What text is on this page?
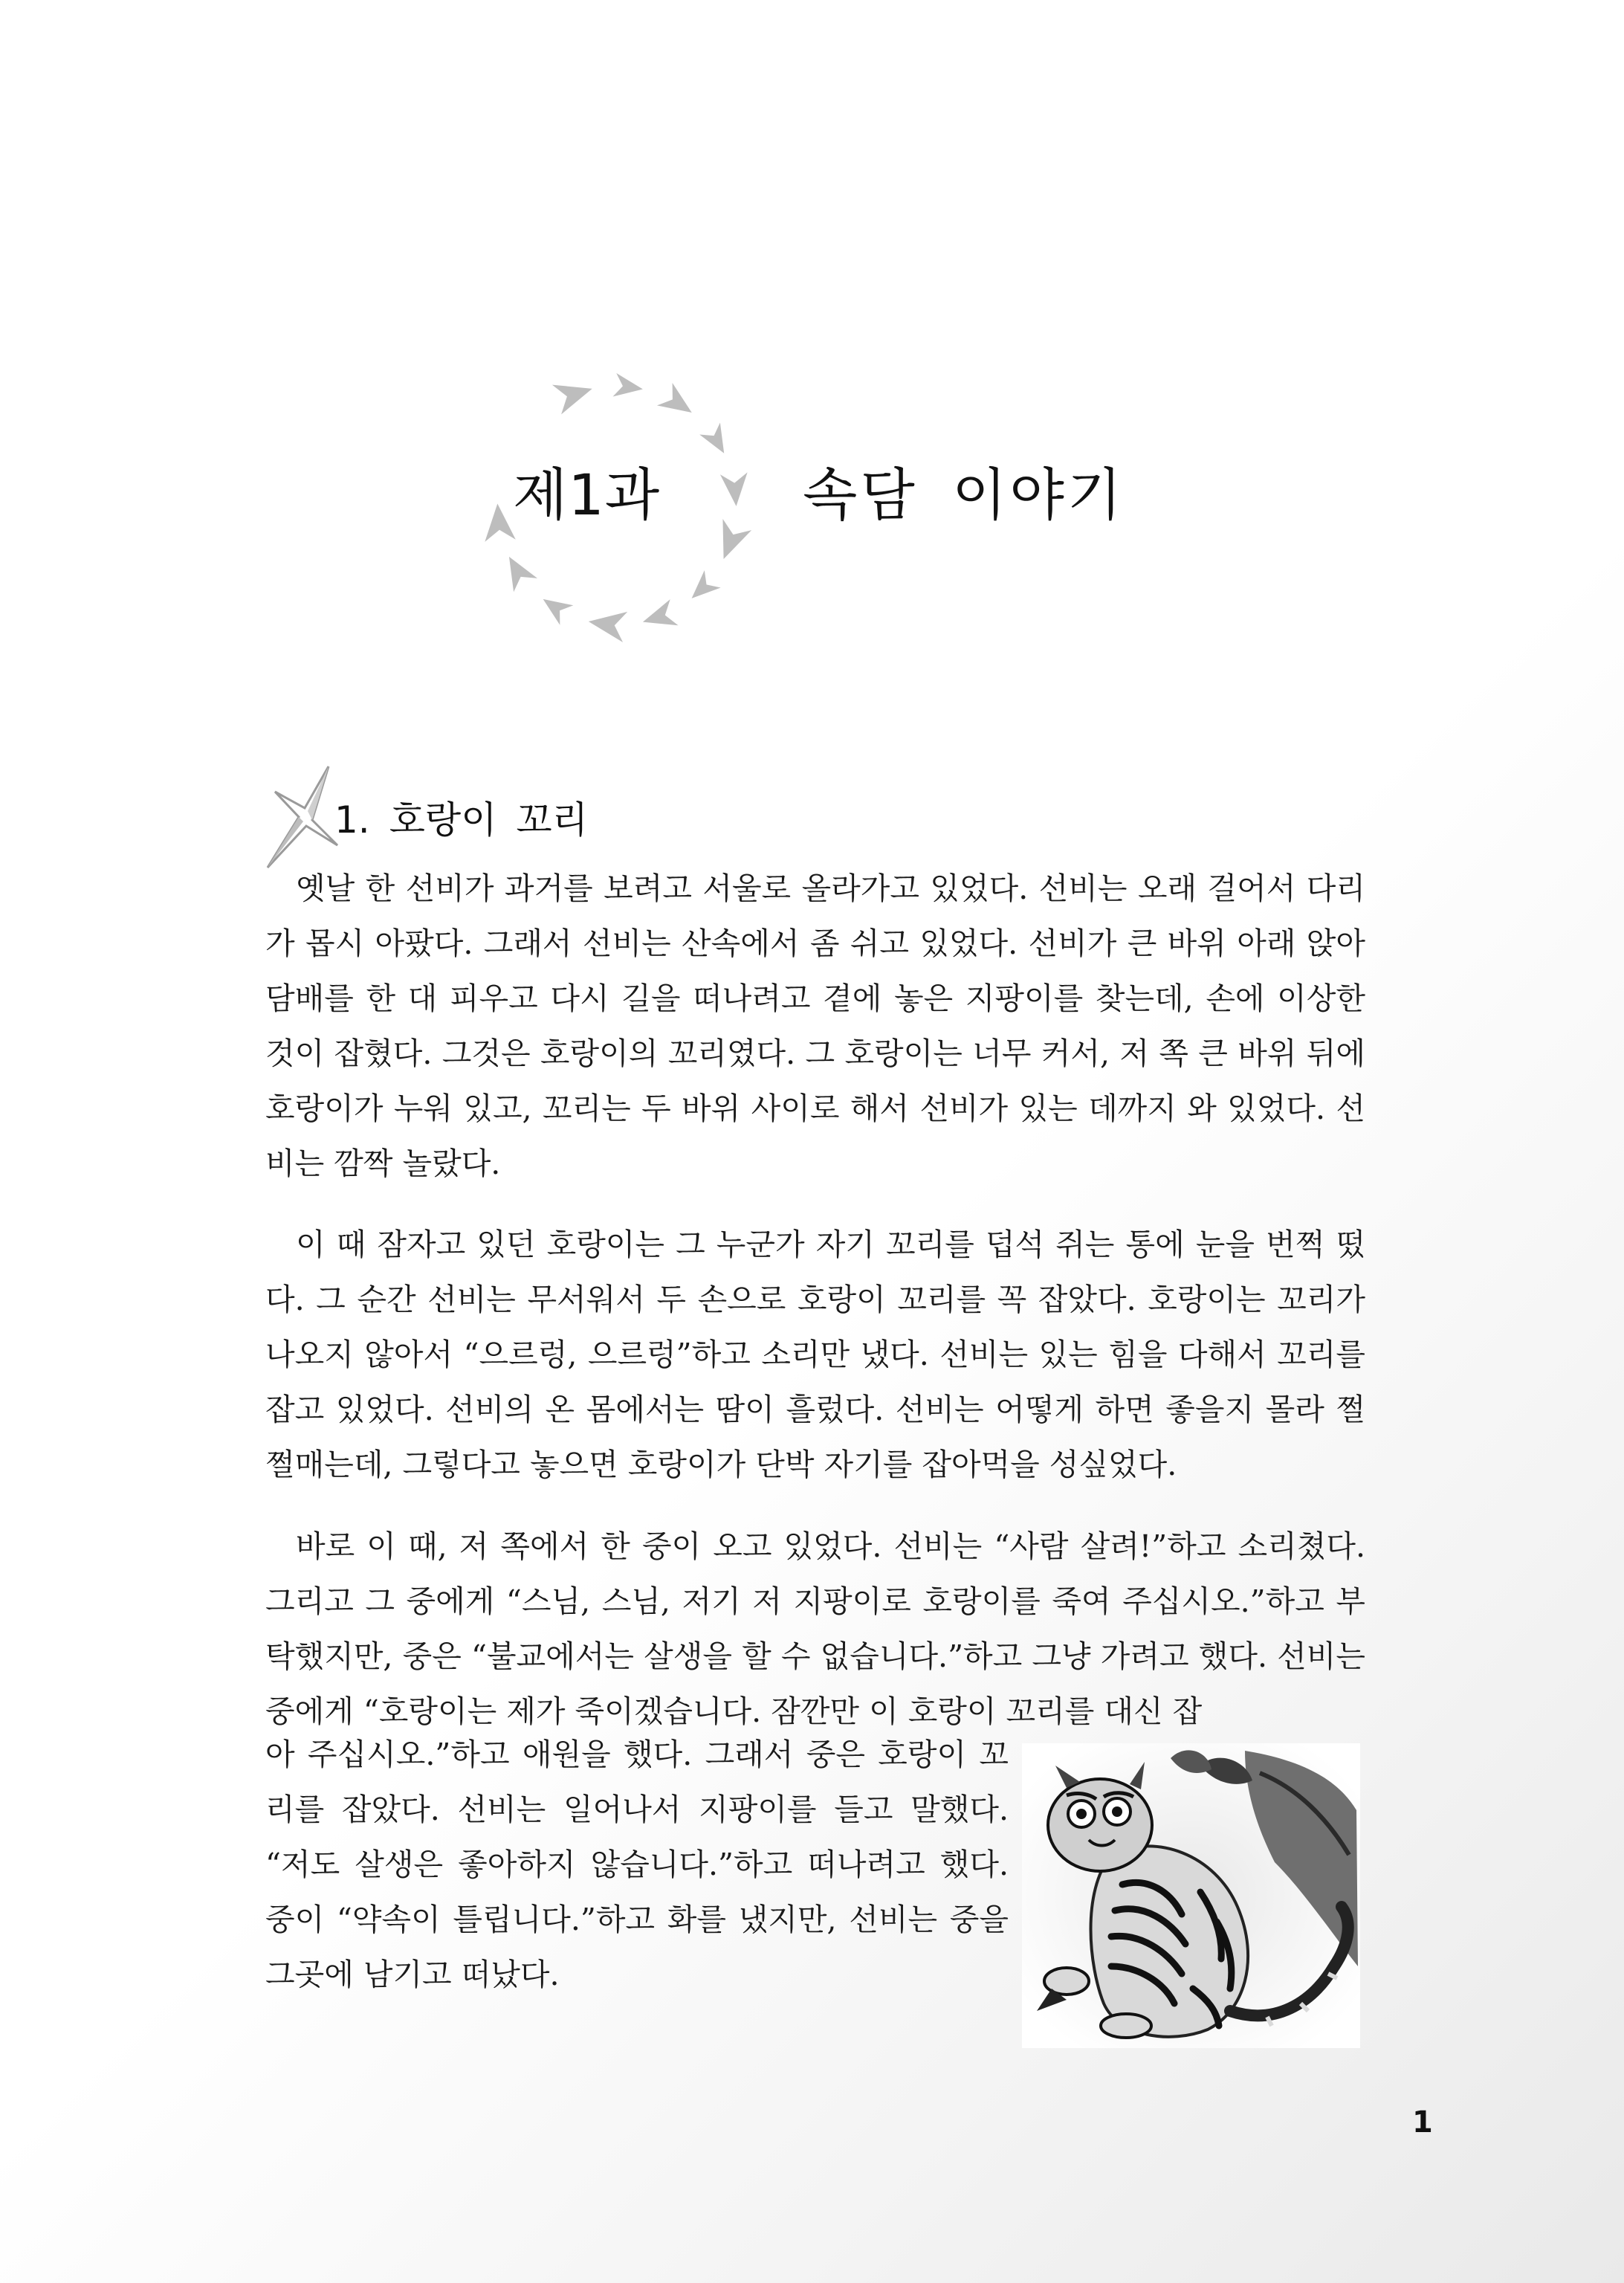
제1과	속담 이야기
1. 호랑이 꼬리

옛날 한 선비가 과거를 보려고 서울로 올라가고 있었다. 선비는 오래 걸어서 다리가 몹시 아팠다. 그래서 선비는 산속에서 좀 쉬고 있었다. 선비가 큰 바위 아래 앉아 담배를 한 대 피우고 다시 길을 떠나려고 곁에 놓은 지팡이를 찾는데, 손에 이상한 것이 잡혔다. 그것은 호랑이의 꼬리였다. 그 호랑이는 너무 커서, 저 쪽 큰 바위 뒤에 호랑이가 누워 있고, 꼬리는 두 바위 사이로 해서 선비가 있는 데까지 와 있었다. 선비는 깜짝 놀랐다.

이 때 잠자고 있던 호랑이는 그 누군가 자기 꼬리를 덥석 쥐는 통에 눈을 번쩍 떴다. 그 순간 선비는 무서워서 두 손으로 호랑이 꼬리를 꼭 잡았다. 호랑이는 꼬리가 나오지 않아서 “으르렁, 으르렁”하고 소리만 냈다. 선비는 있는 힘을 다해서 꼬리를 잡고 있었다. 선비의 온 몸에서는 땀이 흘렀다. 선비는 어떻게 하면 좋을지 몰라 쩔쩔매는데, 그렇다고 놓으면 호랑이가 단박 자기를 잡아먹을 성싶었다.

바로 이 때, 저 쪽에서 한 중이 오고 있었다. 선비는 “사람 살려!”하고 소리쳤다. 그리고 그 중에게 “스님, 스님, 저기 저 지팡이로 호랑이를 죽여 주십시오.”하고 부탁했지만, 중은 “불교에서는 살생을 할 수 없습니다.”하고 그냥 가려고 했다. 선비는 중에게 “호랑이는 제가 죽이겠습니다. 잠깐만 이 호랑이 꼬리를 대신 잡

아 주십시오.”하고 애원을 했다. 그래서 중은 호랑이 꼬리를 잡았다. 선비는 일어나서 지팡이를 들고 말했다. “저도 살생은 좋아하지 않습니다.”하고 떠나려고 했다. 중이 “약속이 틀립니다.”하고 화를 냈지만, 선비는 중을 그곳에 남기고 떠났다.

1
